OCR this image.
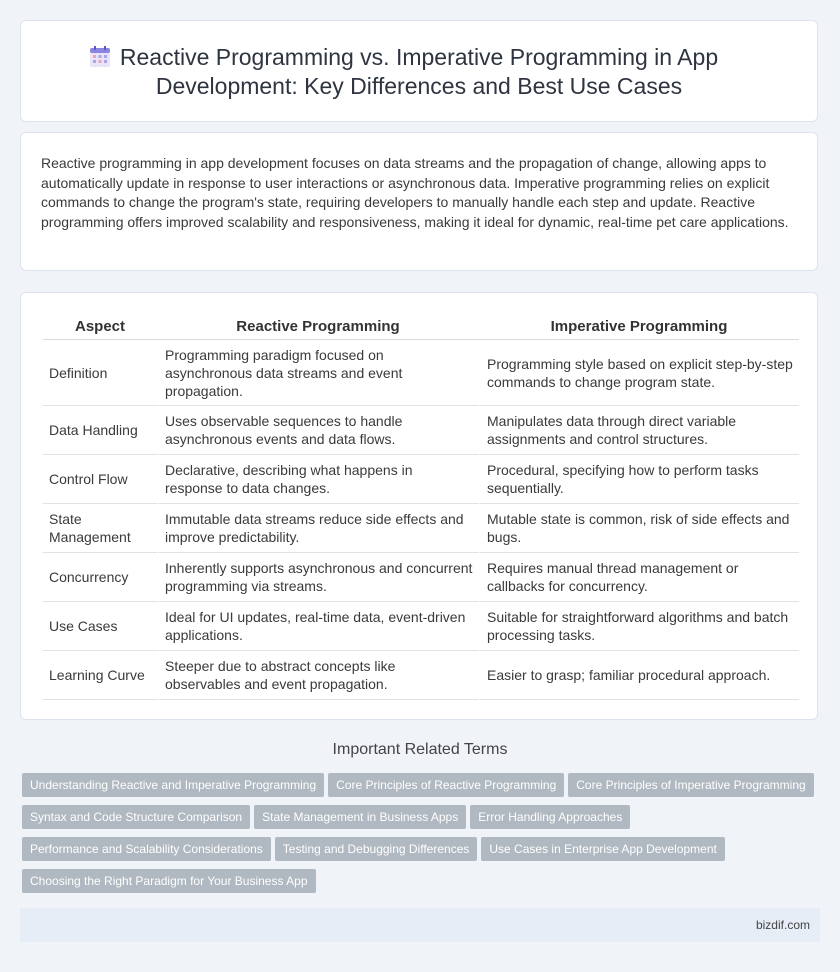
Reactive Programming vs. Imperative Programming in App
Development: Key Differences and Best Use Cases
Reactive programming in app development focuses on data streams and the propagation of change, allowing apps to automatically update in response to user interactions or asynchronous data. Imperative programming relies on explicit commands to change the program's state, requiring developers to manually handle each step and update. Reactive programming offers improved scalability and responsiveness, making it ideal for dynamic, real-time pet care applications.
Aspect	Reactive Programming	Imperative Programming
Definition	Programming paradigm focused on asynchronous data streams and event propagation.	Programming style based on explicit step-by-step commands to change program state.
Data Handling	Uses observable sequences to handle asynchronous events and data flows.	Manipulates data through direct variable assignments and control structures.
Control Flow	Declarative, describing what happens in response to data changes.	Procedural, specifying how to perform tasks sequentially.
State Management	Immutable data streams reduce side effects and improve predictability.	Mutable state is common, risk of side effects and bugs.
Concurrency	Inherently supports asynchronous and concurrent programming via streams.	Requires manual thread management or callbacks for concurrency.
Use Cases	Ideal for UI updates, real-time data, event-driven applications.	Suitable for straightforward algorithms and batch processing tasks.
Learning Curve	Steeper due to abstract concepts like observables and event propagation.	Easier to grasp; familiar procedural approach.
Important Related Terms
Understanding Reactive and Imperative Programming Core Principles of Reactive Programming Core Principles of Imperative Programming
Syntax and Code Structure Comparison State Management in Business Apps Error Handling Approaches
Performance and Scalability Considerations Testing and Debugging Differences Use Cases in Enterprise App Development
Choosing the Right Paradigm for Your Business App
bizdif.com
